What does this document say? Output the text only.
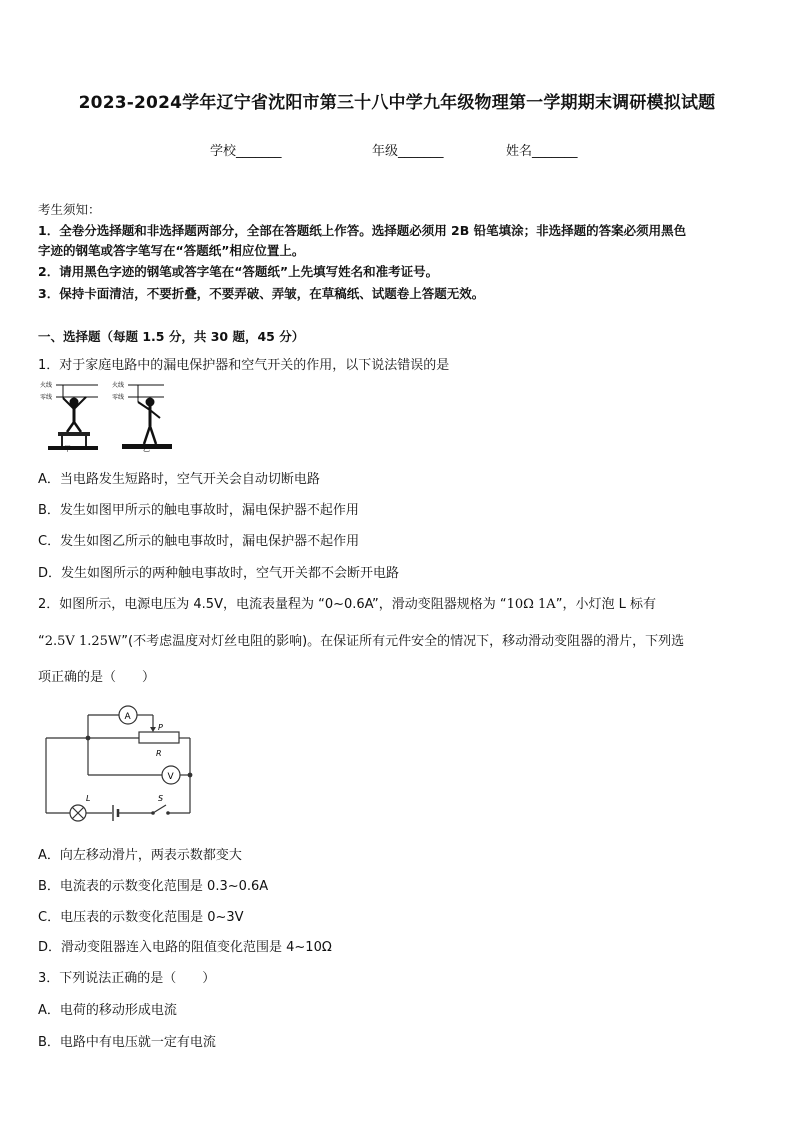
2023-2024学年辽宁省沈阳市第三十八中学九年级物理第一学期期末调研模拟试题
学校_______	年级_______	姓名_______
考生须知：
1．全卷分选择题和非选择题两部分，全部在答题纸上作答。选择题必须用 2B 铅笔填涂；非选择题的答案必须用黑色
字迹的钢笔或答字笔写在“答题纸”相应位置上。
2．请用黑色字迹的钢笔或答字笔在“答题纸”上先填写姓名和准考证号。
3．保持卡面清洁，不要折叠，不要弄破、弄皱，在草稿纸、试题卷上答题无效。
一、选择题（每题 1.5 分，共 30 题，45 分）
1．对于家庭电路中的漏电保护器和空气开关的作用，以下说法错误的是
火线
零线
火线
零线
甲	乙
A．当电路发生短路时，空气开关会自动切断电路
B．发生如图甲所示的触电事故时，漏电保护器不起作用
C．发生如图乙所示的触电事故时，漏电保护器不起作用
D．发生如图所示的两种触电事故时，空气开关都不会断开电路
2．如图所示，电源电压为 4.5V，电流表量程为 “0~0.6A”，滑动变阻器规格为 “10Ω 1A”，小灯泡 L 标有
“2.5V 1.25W”(不考虑温度对灯丝电阻的影响)。在保证所有元件安全的情况下，移动滑动变阻器的滑片，下列选
项正确的是（　　）
A
P
R
V
L	S
A．向左移动滑片，两表示数都变大
B．电流表的示数变化范围是 0.3~0.6A
C．电压表的示数变化范围是 0~3V
D．滑动变阻器连入电路的阻值变化范围是 4~10Ω
3．下列说法正确的是（　　）
A．电荷的移动形成电流
B．电路中有电压就一定有电流
